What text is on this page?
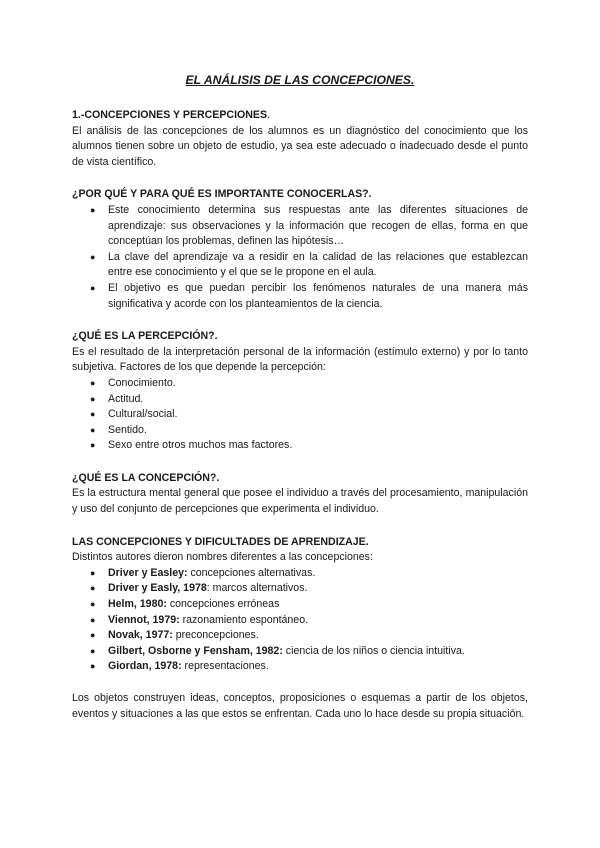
EL ANÁLISIS DE LAS CONCEPCIONES.
1.-CONCEPCIONES Y PERCEPCIONES.

El análisis de las concepciones de los alumnos es un diagnóstico del conocimiento que los alumnos tienen sobre un objeto de estudio, ya sea este adecuado o inadecuado desde el punto de vista científico.

¿POR QUÉ Y PARA QUÉ ES IMPORTANTE CONOCERLAS?.
● Este conocimiento determina sus respuestas ante las diferentes situaciones de aprendizaje: sus observaciones y la información que recogen de ellas, forma en que conceptúan los problemas, definen las hipótesis…
● La clave del aprendizaje va a residir en la calidad de las relaciones que establezcan entre ese conocimiento y el que se le propone en el aula.
● El objetivo es que puedan percibir los fenómenos naturales de una manera más significativa y acorde con los planteamientos de la ciencia.
¿QUÉ ES LA PERCEPCIÓN?.

Es el resultado de la interpretación personal de la información (estímulo externo) y por lo tanto subjetiva. Factores de los que depende la percepción:

● Conocimiento.
● Actitud.
● Cultural/social.
● Sentido.
● Sexo entre otros muchos mas factores.
¿QUÉ ES LA CONCEPCIÓN?.

Es la estructura mental general que posee el individuo a través del procesamiento, manipulación y uso del conjunto de percepciones que experimenta el individuo.

LAS CONCEPCIONES Y DIFICULTADES DE APRENDIZAJE.

Distintos autores dieron nombres diferentes a las concepciones:

● Driver y Easley: concepciones alternativas.
● Driver y Easly, 1978: marcos alternativos.
● Helm, 1980: concepciones erróneas
● Viennot, 1979: razonamiento espontáneo.
● Novak, 1977: preconcepciones.
● Gilbert, Osborne y Fensham, 1982: ciencia de los niños o ciencia intuitiva.
● Giordan, 1978: representaciones.

Los objetos construyen ideas, conceptos, proposiciones o esquemas a partir de los objetos, eventos y situaciones a las que estos se enfrentan. Cada uno lo hace desde su propia situación.
